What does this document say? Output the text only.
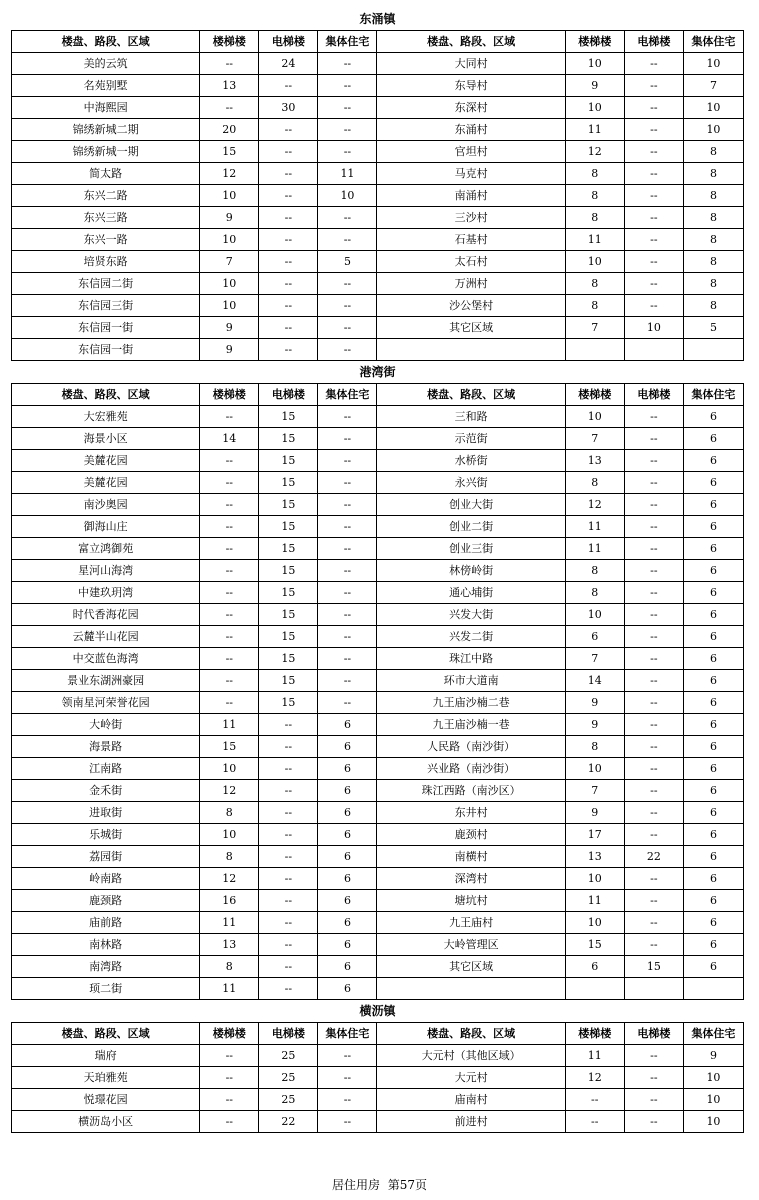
东涌镇
楼盘、路段、区域	楼梯楼	电梯楼	集体住宅	楼盘、路段、区域	楼梯楼	电梯楼	集体住宅
美的云筑	--	24	--	大同村	10	--	10
名苑别墅	13	--	--	东导村	9	--	7
中海熙园	--	30	--	东深村	10	--	10
锦绣新城二期	20	--	--	东涌村	11	--	10
锦绣新城一期	15	--	--	官坦村	12	--	8
简太路	12	--	11	马克村	8	--	8
东兴二路	10	--	10	南涌村	8	--	8
东兴三路	9	--	--	三沙村	8	--	8
东兴一路	10	--	--	石基村	11	--	8
培贤东路	7	--	5	太石村	10	--	8
东信园二街	10	--	--	万洲村	8	--	8
东信园三街	10	--	--	沙公堡村	8	--	8
东信园一街	9	--	--	其它区域	7	10	5
东信园一街	9	--	--				
港湾街
楼盘、路段、区域	楼梯楼	电梯楼	集体住宅	楼盘、路段、区域	楼梯楼	电梯楼	集体住宅
大宏雅苑	--	15	--	三和路	10	--	6
海景小区	14	15	--	示范街	7	--	6
美麓花园	--	15	--	水桥街	13	--	6
美麓花园	--	15	--	永兴街	8	--	6
南沙奥园	--	15	--	创业大街	12	--	6
御海山庄	--	15	--	创业二街	11	--	6
富立鸿御苑	--	15	--	创业三街	11	--	6
星河山海湾	--	15	--	林傍岭街	8	--	6
中建玖玥湾	--	15	--	通心埔街	8	--	6
时代香海花园	--	15	--	兴发大街	10	--	6
云麓半山花园	--	15	--	兴发二街	6	--	6
中交蓝色海湾	--	15	--	珠江中路	7	--	6
景业东湖洲豪园	--	15	--	环市大道南	14	--	6
领南星河荣誉花园	--	15	--	九王庙沙楠二巷	9	--	6
大岭街	11	--	6	九王庙沙楠一巷	9	--	6
海景路	15	--	6	人民路（南沙街）	8	--	6
江南路	10	--	6	兴业路（南沙街）	10	--	6
金禾街	12	--	6	珠江西路（南沙区）	7	--	6
进取街	8	--	6	东井村	9	--	6
乐城街	10	--	6	鹿颈村	17	--	6
荔园街	8	--	6	南横村	13	22	6
岭南路	12	--	6	深湾村	10	--	6
鹿颈路	16	--	6	塘坑村	11	--	6
庙前路	11	--	6	九王庙村	10	--	6
南林路	13	--	6	大岭管理区	15	--	6
南湾路	8	--	6	其它区域	6	15	6
顼二街	11	--	6				
横沥镇
楼盘、路段、区域	楼梯楼	电梯楼	集体住宅	楼盘、路段、区域	楼梯楼	电梯楼	集体住宅
瑞府	--	25	--	大元村（其他区域）	11	--	9
天珀雅苑	--	25	--	大元村	12	--	10
悦璟花园	--	25	--	庙南村	--	--	10
横沥岛小区	--	22	--	前进村	--	--	10
居住用房 第57页
